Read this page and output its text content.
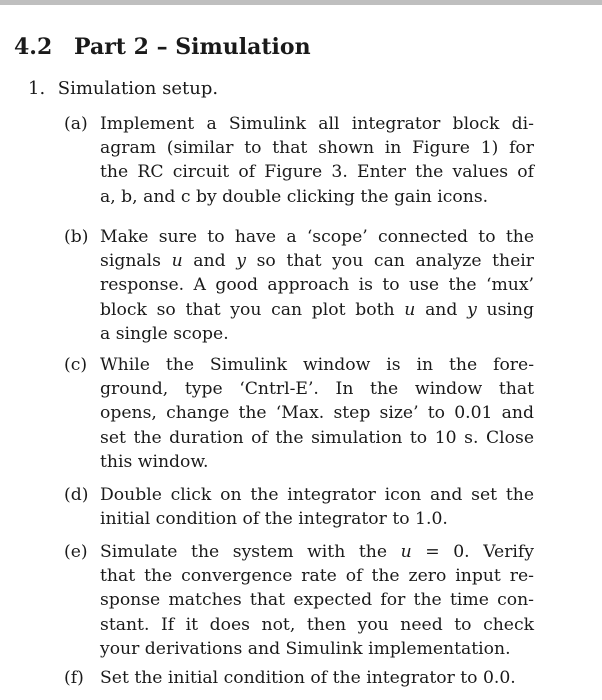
4.2 Part 2 – Simulation
1. Simulation setup.
(a) Implement a Simulink all integrator block di-
agram (similar to that shown in Figure 1) for
the RC circuit of Figure 3. Enter the values of
a, b, and c by double clicking the gain icons.
(b) Make sure to have a ‘scope’ connected to the
signals u and y so that you can analyze their
response. A good approach is to use the ‘mux’
block so that you can plot both u and y using
a single scope.
(c) While the Simulink window is in the fore-
ground, type ‘Cntrl-E’. In the window that
opens, change the ‘Max. step size’ to 0.01 and
set the duration of the simulation to 10 s. Close
this window.
(d) Double click on the integrator icon and set the
initial condition of the integrator to 1.0.
(e) Simulate the system with the u = 0. Verify
that the convergence rate of the zero input re-
sponse matches that expected for the time con-
stant. If it does not, then you need to check
your derivations and Simulink implementation.
(f) Set the initial condition of the integrator to 0.0.
